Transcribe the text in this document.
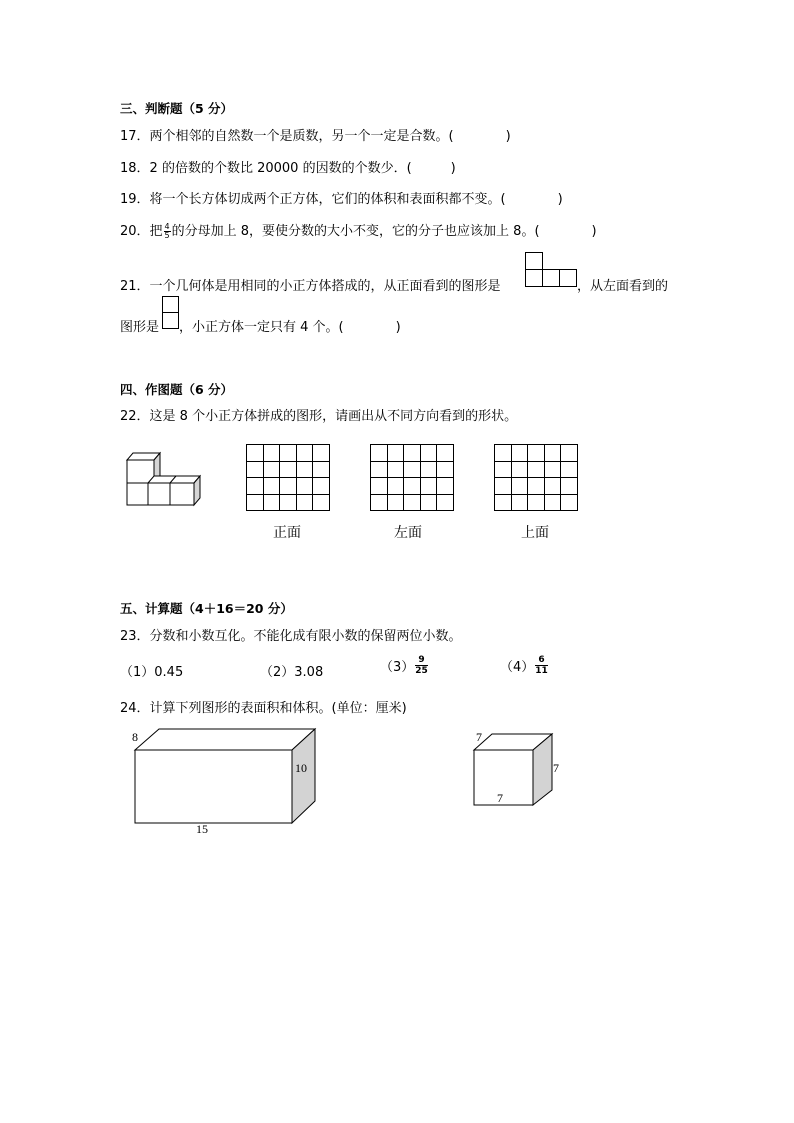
三、判断题（5 分）
17．两个相邻的自然数一个是质数，另一个一定是合数。(　　　　)
18．2 的倍数的个数比 20000 的因数的个数少．(　　　)
19．将一个长方体切成两个正方体，它们的体积和表面积都不变。(　　　　)
20．把 $\frac{4}{5}$ 的分母加上 8，要使分数的大小不变，它的分子也应该加上 8。(　　　　)
21．一个几何体是用相同的小正方体搭成的，从正面看到的图形是	，从左面看到的
图形是 ，小正方体一定只有 4 个。(　　　　)
四、作图题（6 分）
22．这是 8 个小正方体拼成的图形，请画出从不同方向看到的形状。

正面	左面	上面
五、计算题（4＋16＝20 分）
23．分数和小数互化。不能化成有限小数的保留两位小数。
（1）0.45	（2）3.08	$(3) \frac{9}{25}$	$(4) \frac{6}{11}$
24．计算下列图形的表面积和体积。(单位：厘米)
8
10
15
7
7
7
